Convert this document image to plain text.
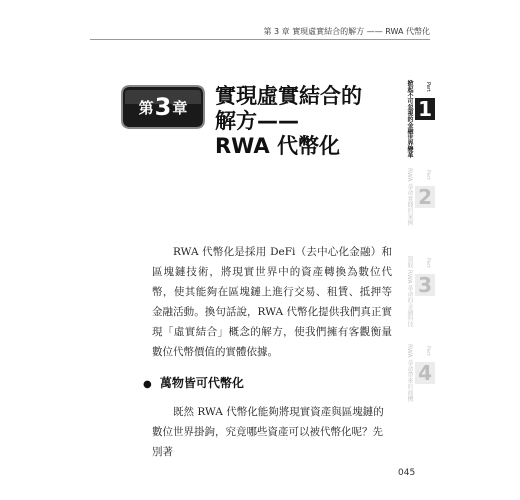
第 3 章 實現虛實結合的解方 —— RWA 代幣化
第 3 章 實現虛實結合的
解方——
RWA 代幣化

RWA 代幣化是採用 DeFi（去中心化金融）和區塊鏈技術，將現實世界中的資產轉換為數位代幣，使其能夠在區塊鏈上進行交易、租賃、抵押等金融活動。換句話說，RWA 代幣化提供我們真正實現「虛實結合」概念的解方，使我們擁有客觀衡量數位代幣價值的實體依據。

● 萬物皆可代幣化

既然 RWA 代幣化能夠將現實資產與區塊鏈的數位世界掛鉤，究竟哪些資產可以被代幣化呢？先別著

045
掀起不可忽視的金融世界變革 Part
1
RWA 革命實踐的案例 Part
2
駕馭 RWA 革命的金融科技 Part
3
RWA 革命帶來的商機 Part
4
